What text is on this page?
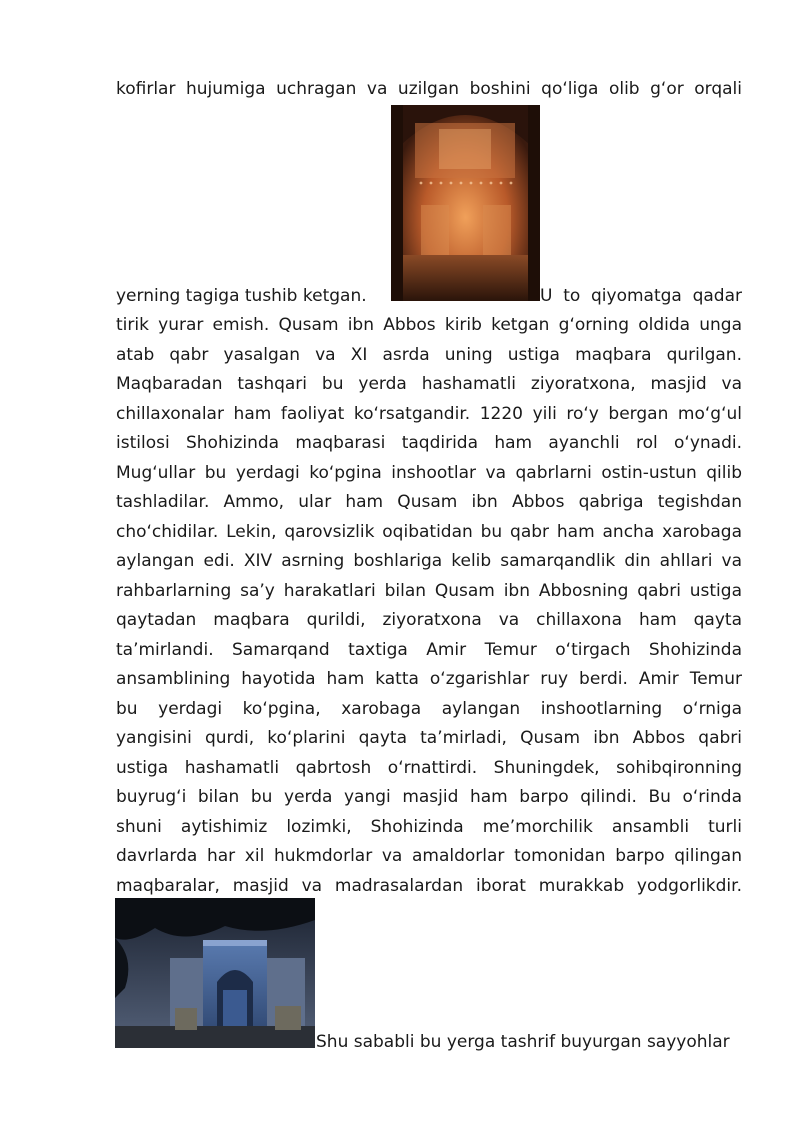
kofirlar hujumiga uchragan va uzilgan boshini qo‘liga olib g‘or orqali
yerning tagiga tushib ketgan.	U to qiyomatga qadar
tirik yurar emish. Qusam ibn Abbos kirib ketgan g‘orning oldida unga
atab qabr yasalgan va XI asrda uning ustiga maqbara qurilgan.
Maqbaradan tashqari bu yerda hashamatli ziyoratxona, masjid va
chillaxonalar ham faoliyat ko‘rsatgandir. 1220 yili ro‘y bergan mo‘g‘ul
istilosi Shohizinda maqbarasi taqdirida ham ayanchli rol o‘ynadi.
Mug‘ullar bu yerdagi ko‘pgina inshootlar va qabrlarni ostin-ustun qilib
tashladilar. Ammo, ular ham Qusam ibn Abbos qabriga tegishdan
cho‘chidilar. Lekin, qarovsizlik oqibatidan bu qabr ham ancha xarobaga
aylangan edi. XIV asrning boshlariga kelib samarqandlik din ahllari va
rahbarlarning sa’y harakatlari bilan Qusam ibn Abbosning qabri ustiga
qaytadan maqbara qurildi, ziyoratxona va chillaxona ham qayta
ta’mirlandi. Samarqand taxtiga Amir Temur o‘tirgach Shohizinda
ansamblining hayotida ham katta o‘zgarishlar ruy berdi. Amir Temur
bu yerdagi ko‘pgina, xarobaga aylangan inshootlarning o‘rniga
yangisini qurdi, ko‘plarini qayta ta’mirladi, Qusam ibn Abbos qabri
ustiga hashamatli qabrtosh o‘rnattirdi. Shuningdek, sohibqironning
buyrug‘i bilan bu yerda yangi masjid ham barpo qilindi. Bu o‘rinda
shuni aytishimiz lozimki, Shohizinda me’morchilik ansambli turli
davrlarda har xil hukmdorlar va amaldorlar tomonidan barpo qilingan
maqbaralar, masjid va madrasalardan iborat murakkab yodgorlikdir.
Shu sababli bu yerga tashrif buyurgan sayyohlar
